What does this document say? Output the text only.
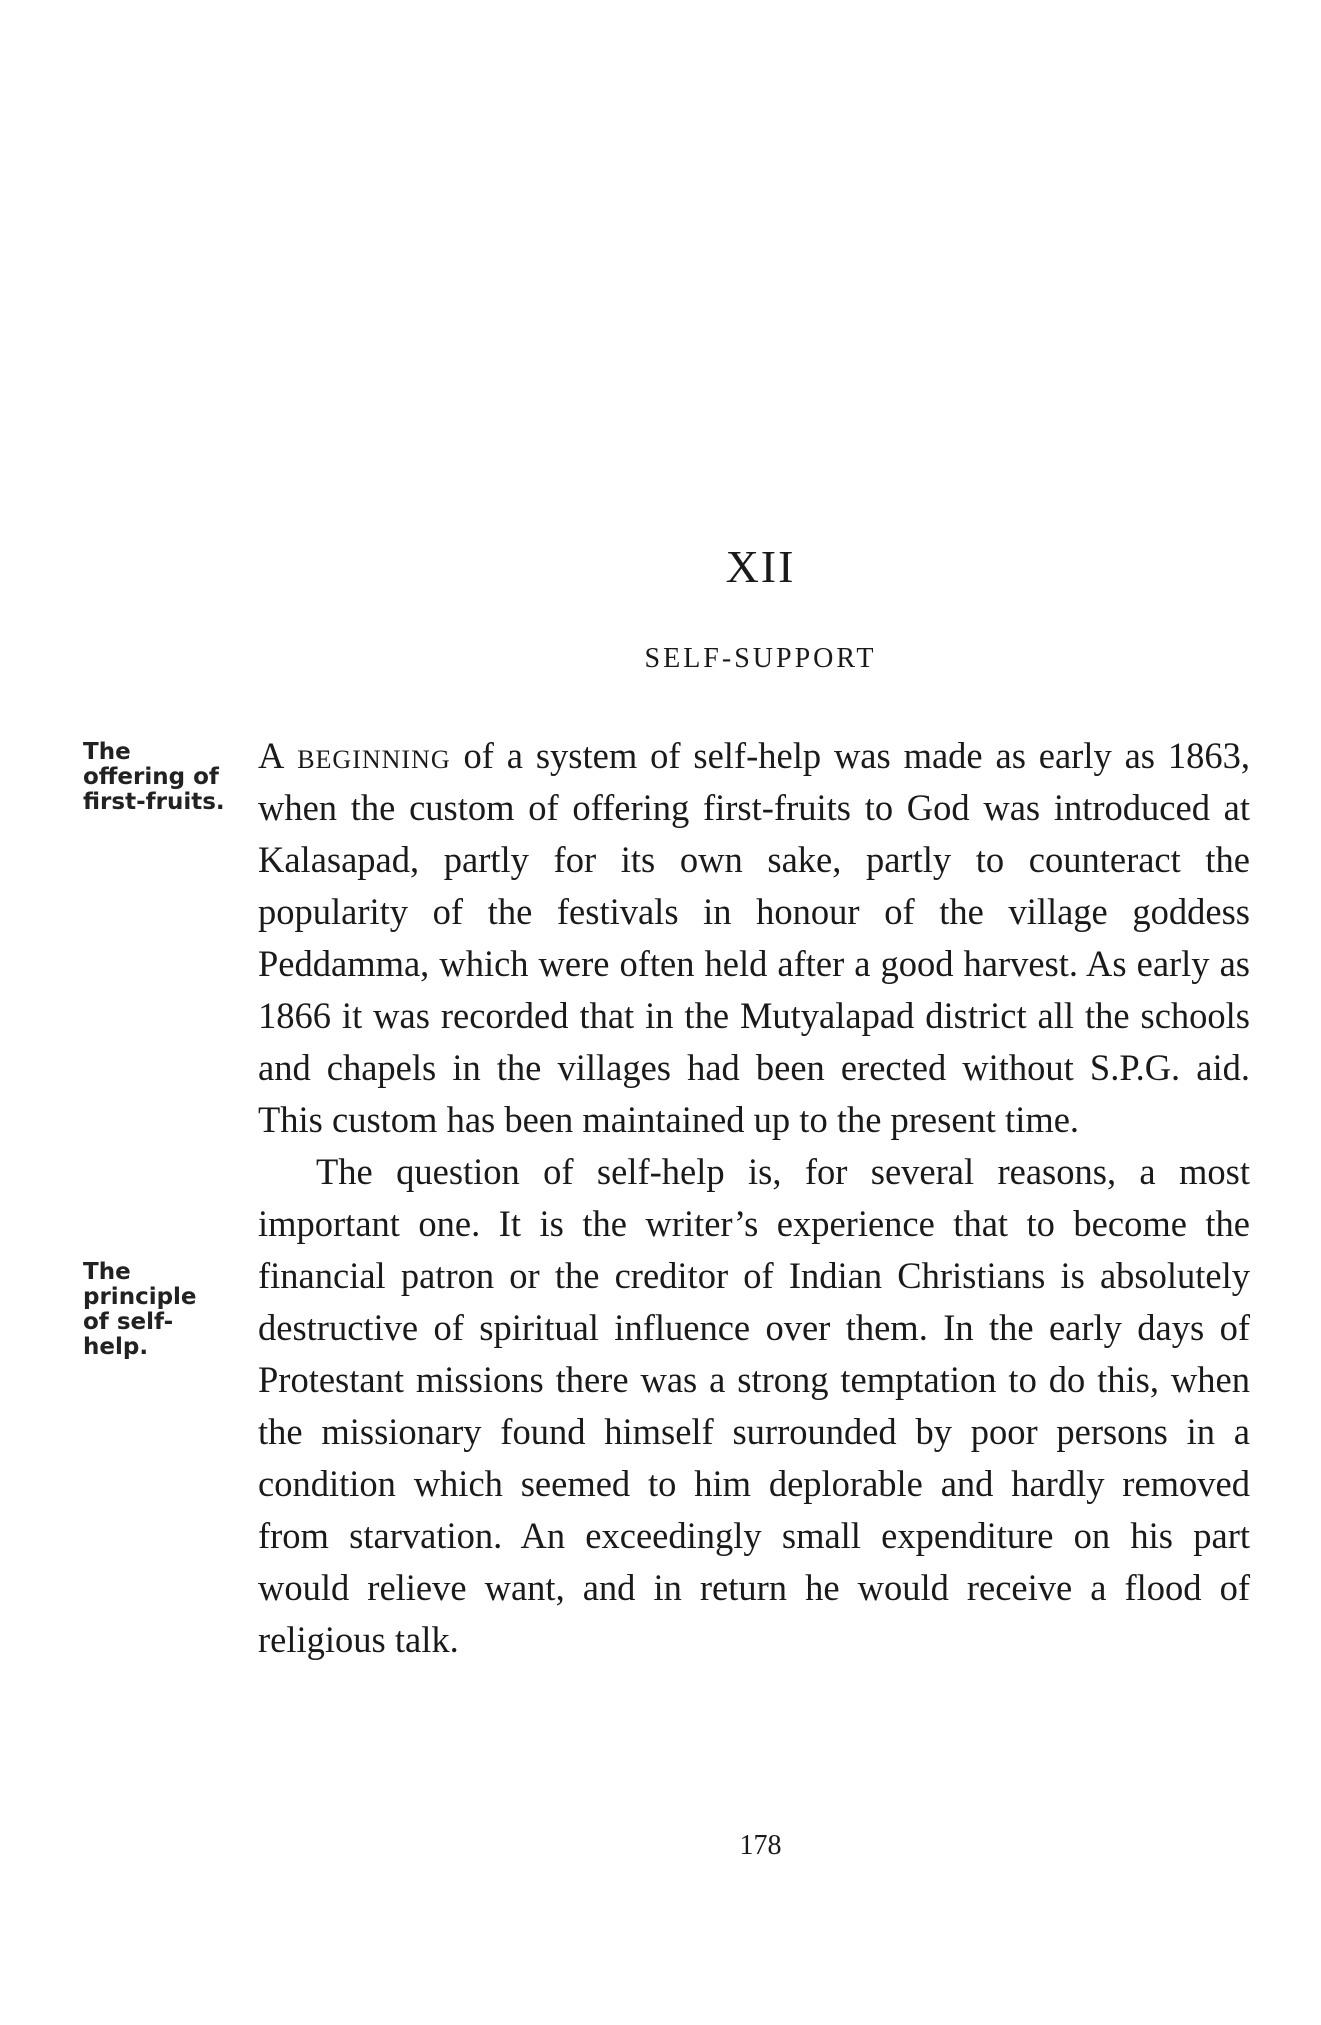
XII
SELF-SUPPORT
The offering of first-fruits.
The principle of self-help.

A beginning of a system of self-help was made as early as 1863, when the custom of offering first-fruits to God was introduced at Kalasapad, partly for its own sake, partly to counteract the popularity of the festivals in honour of the village goddess Peddamma, which were often held after a good harvest. As early as 1866 it was recorded that in the Mutyalapad district all the schools and chapels in the villages had been erected without S.P.G. aid. This custom has been maintained up to the present time.

The question of self-help is, for several reasons, a most important one. It is the writer’s experience that to become the financial patron or the creditor of Indian Christians is absolutely destructive of spiritual influence over them. In the early days of Protestant missions there was a strong temptation to do this, when the missionary found himself surrounded by poor persons in a condition which seemed to him deplorable and hardly removed from starvation. An exceedingly small expenditure on his part would relieve want, and in return he would receive a flood of religious talk.

178
